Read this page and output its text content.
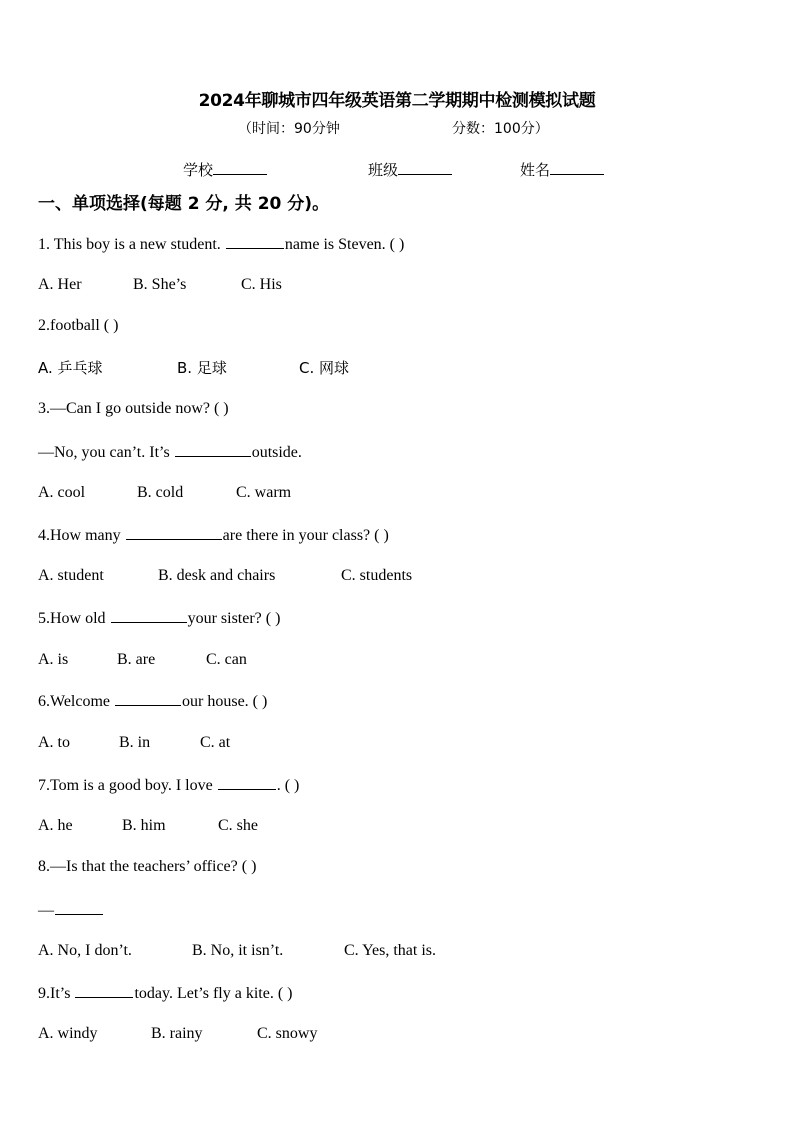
2024年聊城市四年级英语第二学期期中检测模拟试题
（时间：90分钟	分数：100分）
学校	班级	姓名
一、单项选择(每题 2 分, 共 20 分)。
1. This boy is a new student.	name is Steven. ( )
A. Her	B. She’s	C. His
2.football ( )
A. 乒乓球	B. 足球	C. 网球
3.—Can I go outside now? ( )
—No, you can’t. It’s	outside.
A. cool	B. cold	C. warm
4.How many	are there in your class? ( )
A. student	B. desk and chairs	C. students
5.How old	your sister? ( )
A. is	B. are	C. can
6.Welcome	our house. ( )
A. to	B. in	C. at
7.Tom is a good boy. I love	. ( )
A. he	B. him	C. she
8.—Is that the teachers’ office? ( )
—
A. No, I don’t.	B. No, it isn’t.	C. Yes, that is.
9.It’s	today. Let’s fly a kite. ( )
A. windy	B. rainy	C. snowy
